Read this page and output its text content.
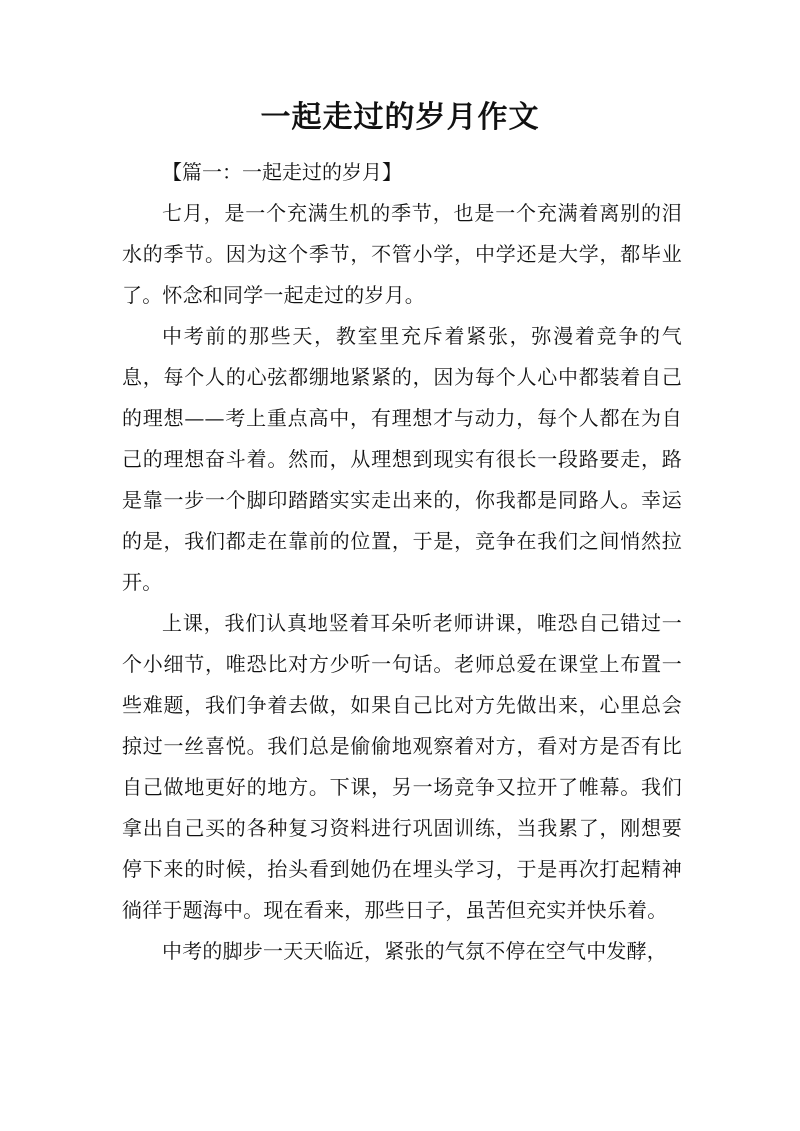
一起走过的岁月作文

【篇一：一起走过的岁月】

七月，是一个充满生机的季节，也是一个充满着离别的泪水的季节。因为这个季节，不管小学，中学还是大学，都毕业了。怀念和同学一起走过的岁月。

中考前的那些天，教室里充斥着紧张，弥漫着竞争的气息，每个人的心弦都绷地紧紧的，因为每个人心中都装着自己的理想——考上重点高中，有理想才与动力，每个人都在为自己的理想奋斗着。然而，从理想到现实有很长一段路要走，路是靠一步一个脚印踏踏实实走出来的，你我都是同路人。幸运的是，我们都走在靠前的位置，于是，竞争在我们之间悄然拉开。

上课，我们认真地竖着耳朵听老师讲课，唯恐自己错过一个小细节，唯恐比对方少听一句话。老师总爱在课堂上布置一些难题，我们争着去做，如果自己比对方先做出来，心里总会掠过一丝喜悦。我们总是偷偷地观察着对方，看对方是否有比自己做地更好的地方。下课，另一场竞争又拉开了帷幕。我们拿出自己买的各种复习资料进行巩固训练，当我累了，刚想要停下来的时候，抬头看到她仍在埋头学习，于是再次打起精神徜徉于题海中。现在看来，那些日子，虽苦但充实并快乐着。

中考的脚步一天天临近，紧张的气氛不停在空气中发酵，
